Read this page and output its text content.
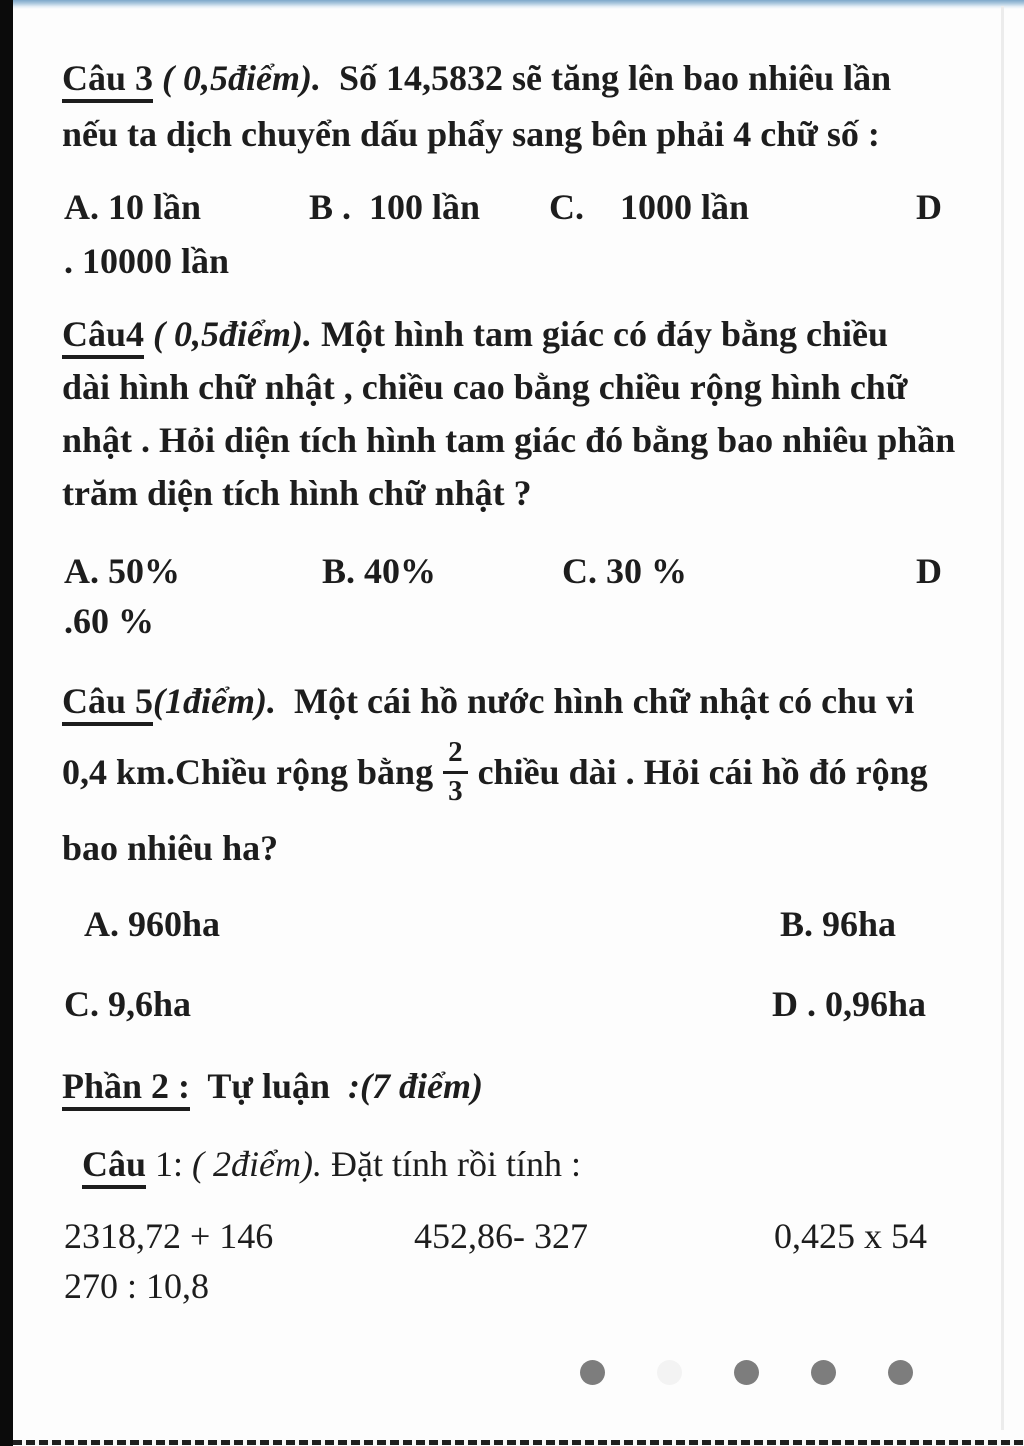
Câu 3 ( 0,5điểm).  Số 14,5832 sẽ tăng lên bao nhiêu lần
nếu ta dịch chuyển dấu phẩy sang bên phải 4 chữ số :
A. 10 lần	B .  100 lần C.    1000 lần	D
. 10000 lần
Câu4 ( 0,5điểm). Một hình tam giác có đáy bằng chiều
dài hình chữ nhật , chiều cao bằng chiều rộng hình chữ
nhật . Hỏi diện tích hình tam giác đó bằng bao nhiêu phần
trăm diện tích hình chữ nhật ?
A. 50%	B. 40%	C. 30 %	D
.60 %
Câu 5(1điểm).  Một cái hồ nước hình chữ nhật có chu vi
0,4 km.Chiều rộng bằng $\frac{2}{3}$ chiều dài . Hỏi cái hồ đó rộng
bao nhiêu ha?
A. 960ha	B. 96ha
C. 9,6ha	D . 0,96ha
Phần 2 :  Tự luận  :(7 điểm)
Câu 1: ( 2điểm). Đặt tính rồi tính :
2318,72 + 146	452,86- 327	0,425 x 54
270 : 10,8
